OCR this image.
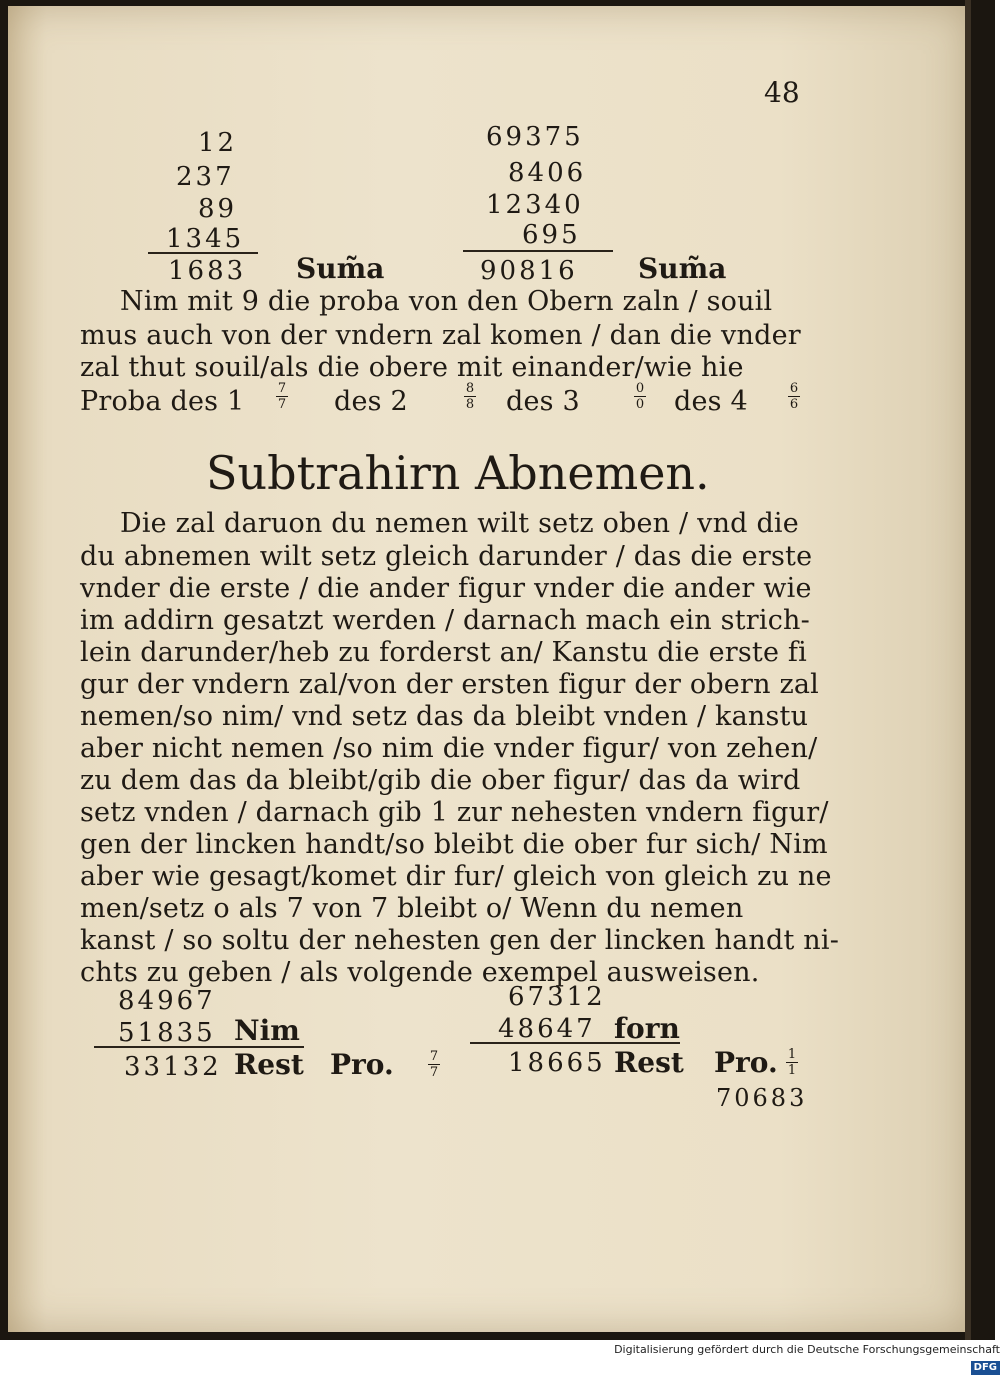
48
12
237
89
1345
1683 Sum̃a
69375
8406
12340
695
90816 Sum̃a
Nim mit 9 die proba von den Obern zaln / souil
mus auch von der vndern zal komen / dan die vnder
zal thut souil/als die obere mit einander/wie hie
Proba des 1	7
7 des 2	8
8 des 3	0
0 des 4	6
6
Subtrahirn Abnemen.
Die zal daruon du nemen wilt setz oben / vnd die
du abnemen wilt setz gleich darunder / das die erste
vnder die erste / die ander figur vnder die ander wie
im addirn gesatzt werden / darnach mach ein strich-
lein darunder/heb zu forderst an/ Kanstu die erste fi
gur der vndern zal/von der ersten figur der obern zal
nemen/so nim/ vnd setz das da bleibt vnden / kanstu
aber nicht nemen /so nim die vnder figur/ von zehen/
zu dem das da bleibt/gib die ober figur/ das da wird
setz vnden / darnach gib 1 zur nehesten vndern figur/
gen der lincken handt/so bleibt die ober fur sich/ Nim
aber wie gesagt/komet dir fur/ gleich von gleich zu ne
men/setz o als 7 von 7 bleibt o/ Wenn du nemen
kanst / so soltu der nehesten gen der lincken handt ni-
chts zu geben / als volgende exempel ausweisen.
84967
51835 Nim
33132 Rest Pro.	7
7
67312
48647 forn
18665 Rest Pro. 1
1
70683
Digitalisierung gefördert durch die Deutsche Forschungsgemeinschaft DFG
